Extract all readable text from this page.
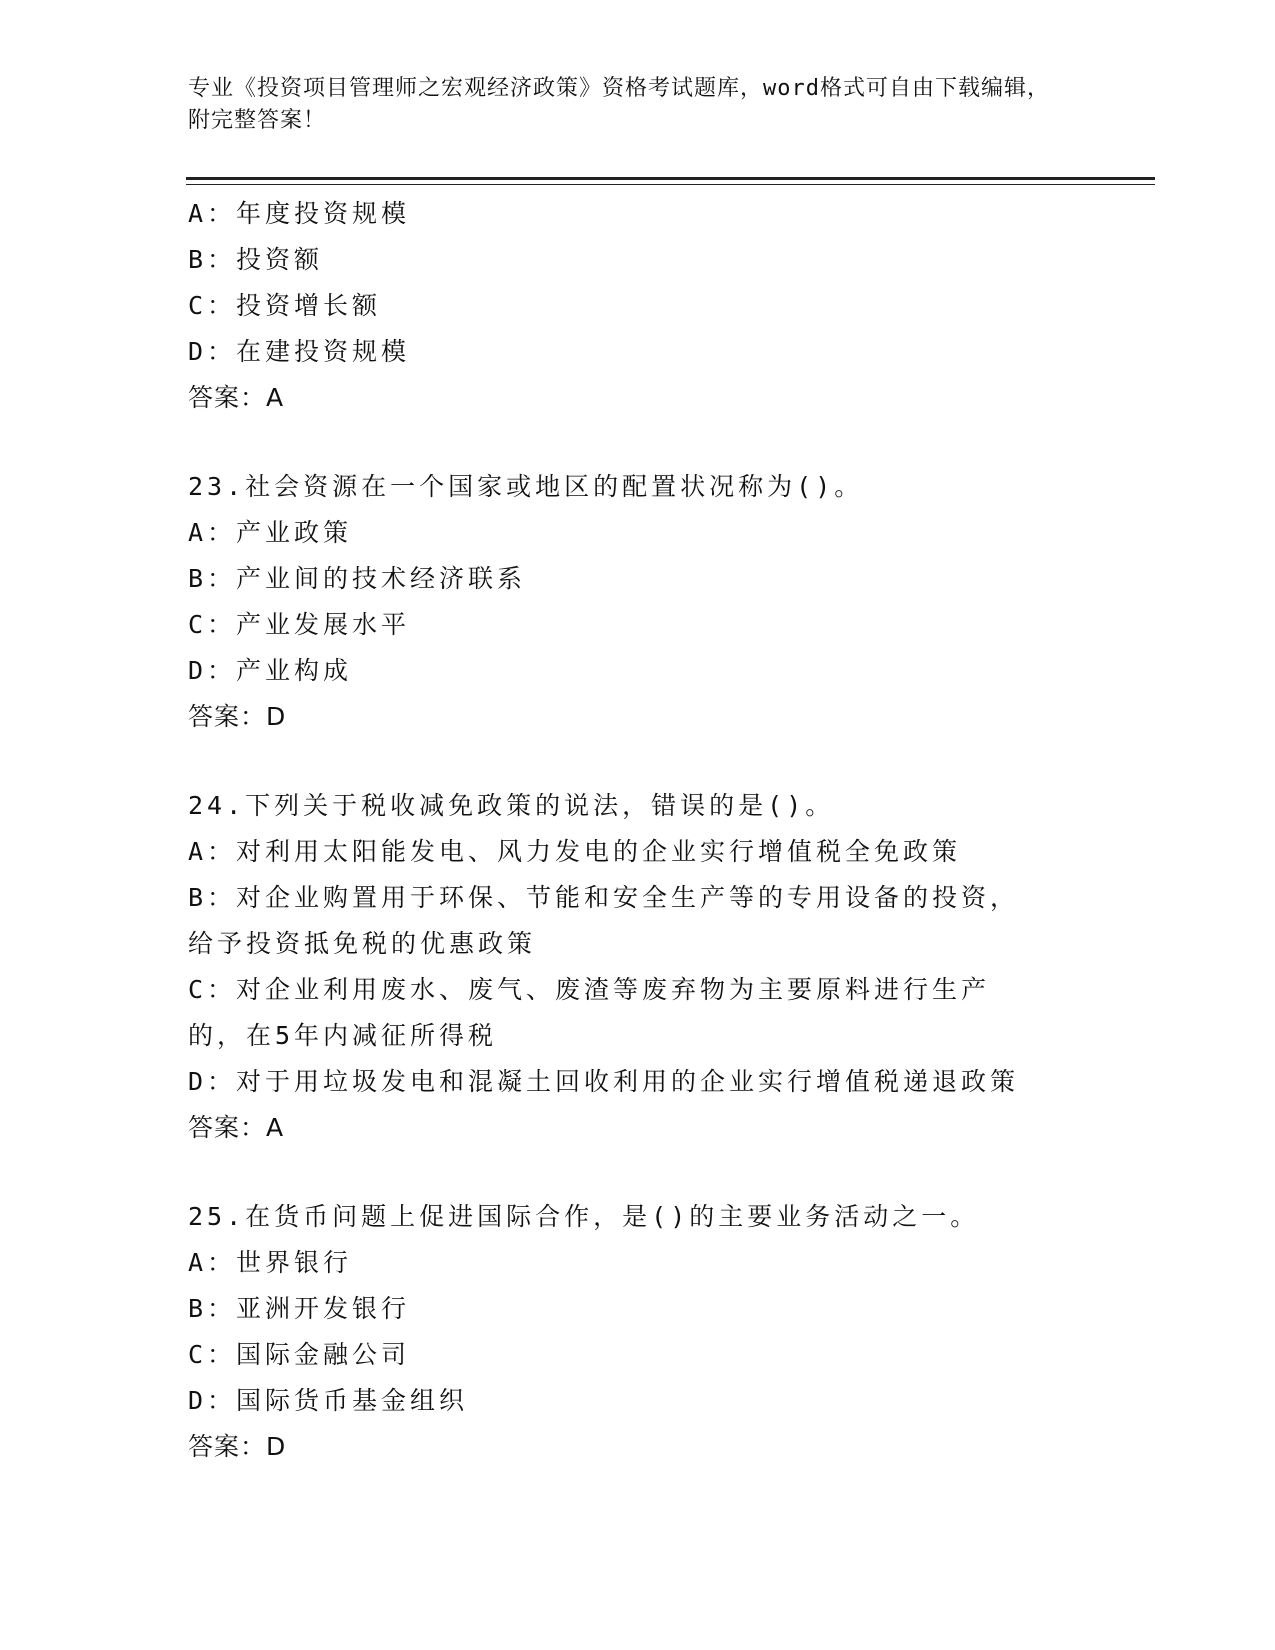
专业《投资项目管理师之宏观经济政策》资格考试题库，word格式可自由下载编辑，附完整答案！
A：年度投资规模
B：投资额
C：投资增长额
D：在建投资规模
答案：A
23.社会资源在一个国家或地区的配置状况称为()。
A：产业政策
B：产业间的技术经济联系
C：产业发展水平
D：产业构成
答案：D
24.下列关于税收减免政策的说法，错误的是()。
A：对利用太阳能发电、风力发电的企业实行增值税全免政策
B：对企业购置用于环保、节能和安全生产等的专用设备的投资，给予投资抵免税的优惠政策
C：对企业利用废水、废气、废渣等废弃物为主要原料进行生产的，在5年内减征所得税
D：对于用垃圾发电和混凝土回收利用的企业实行增值税递退政策
答案：A
25.在货币问题上促进国际合作，是()的主要业务活动之一。
A：世界银行
B：亚洲开发银行
C：国际金融公司
D：国际货币基金组织
答案：D
